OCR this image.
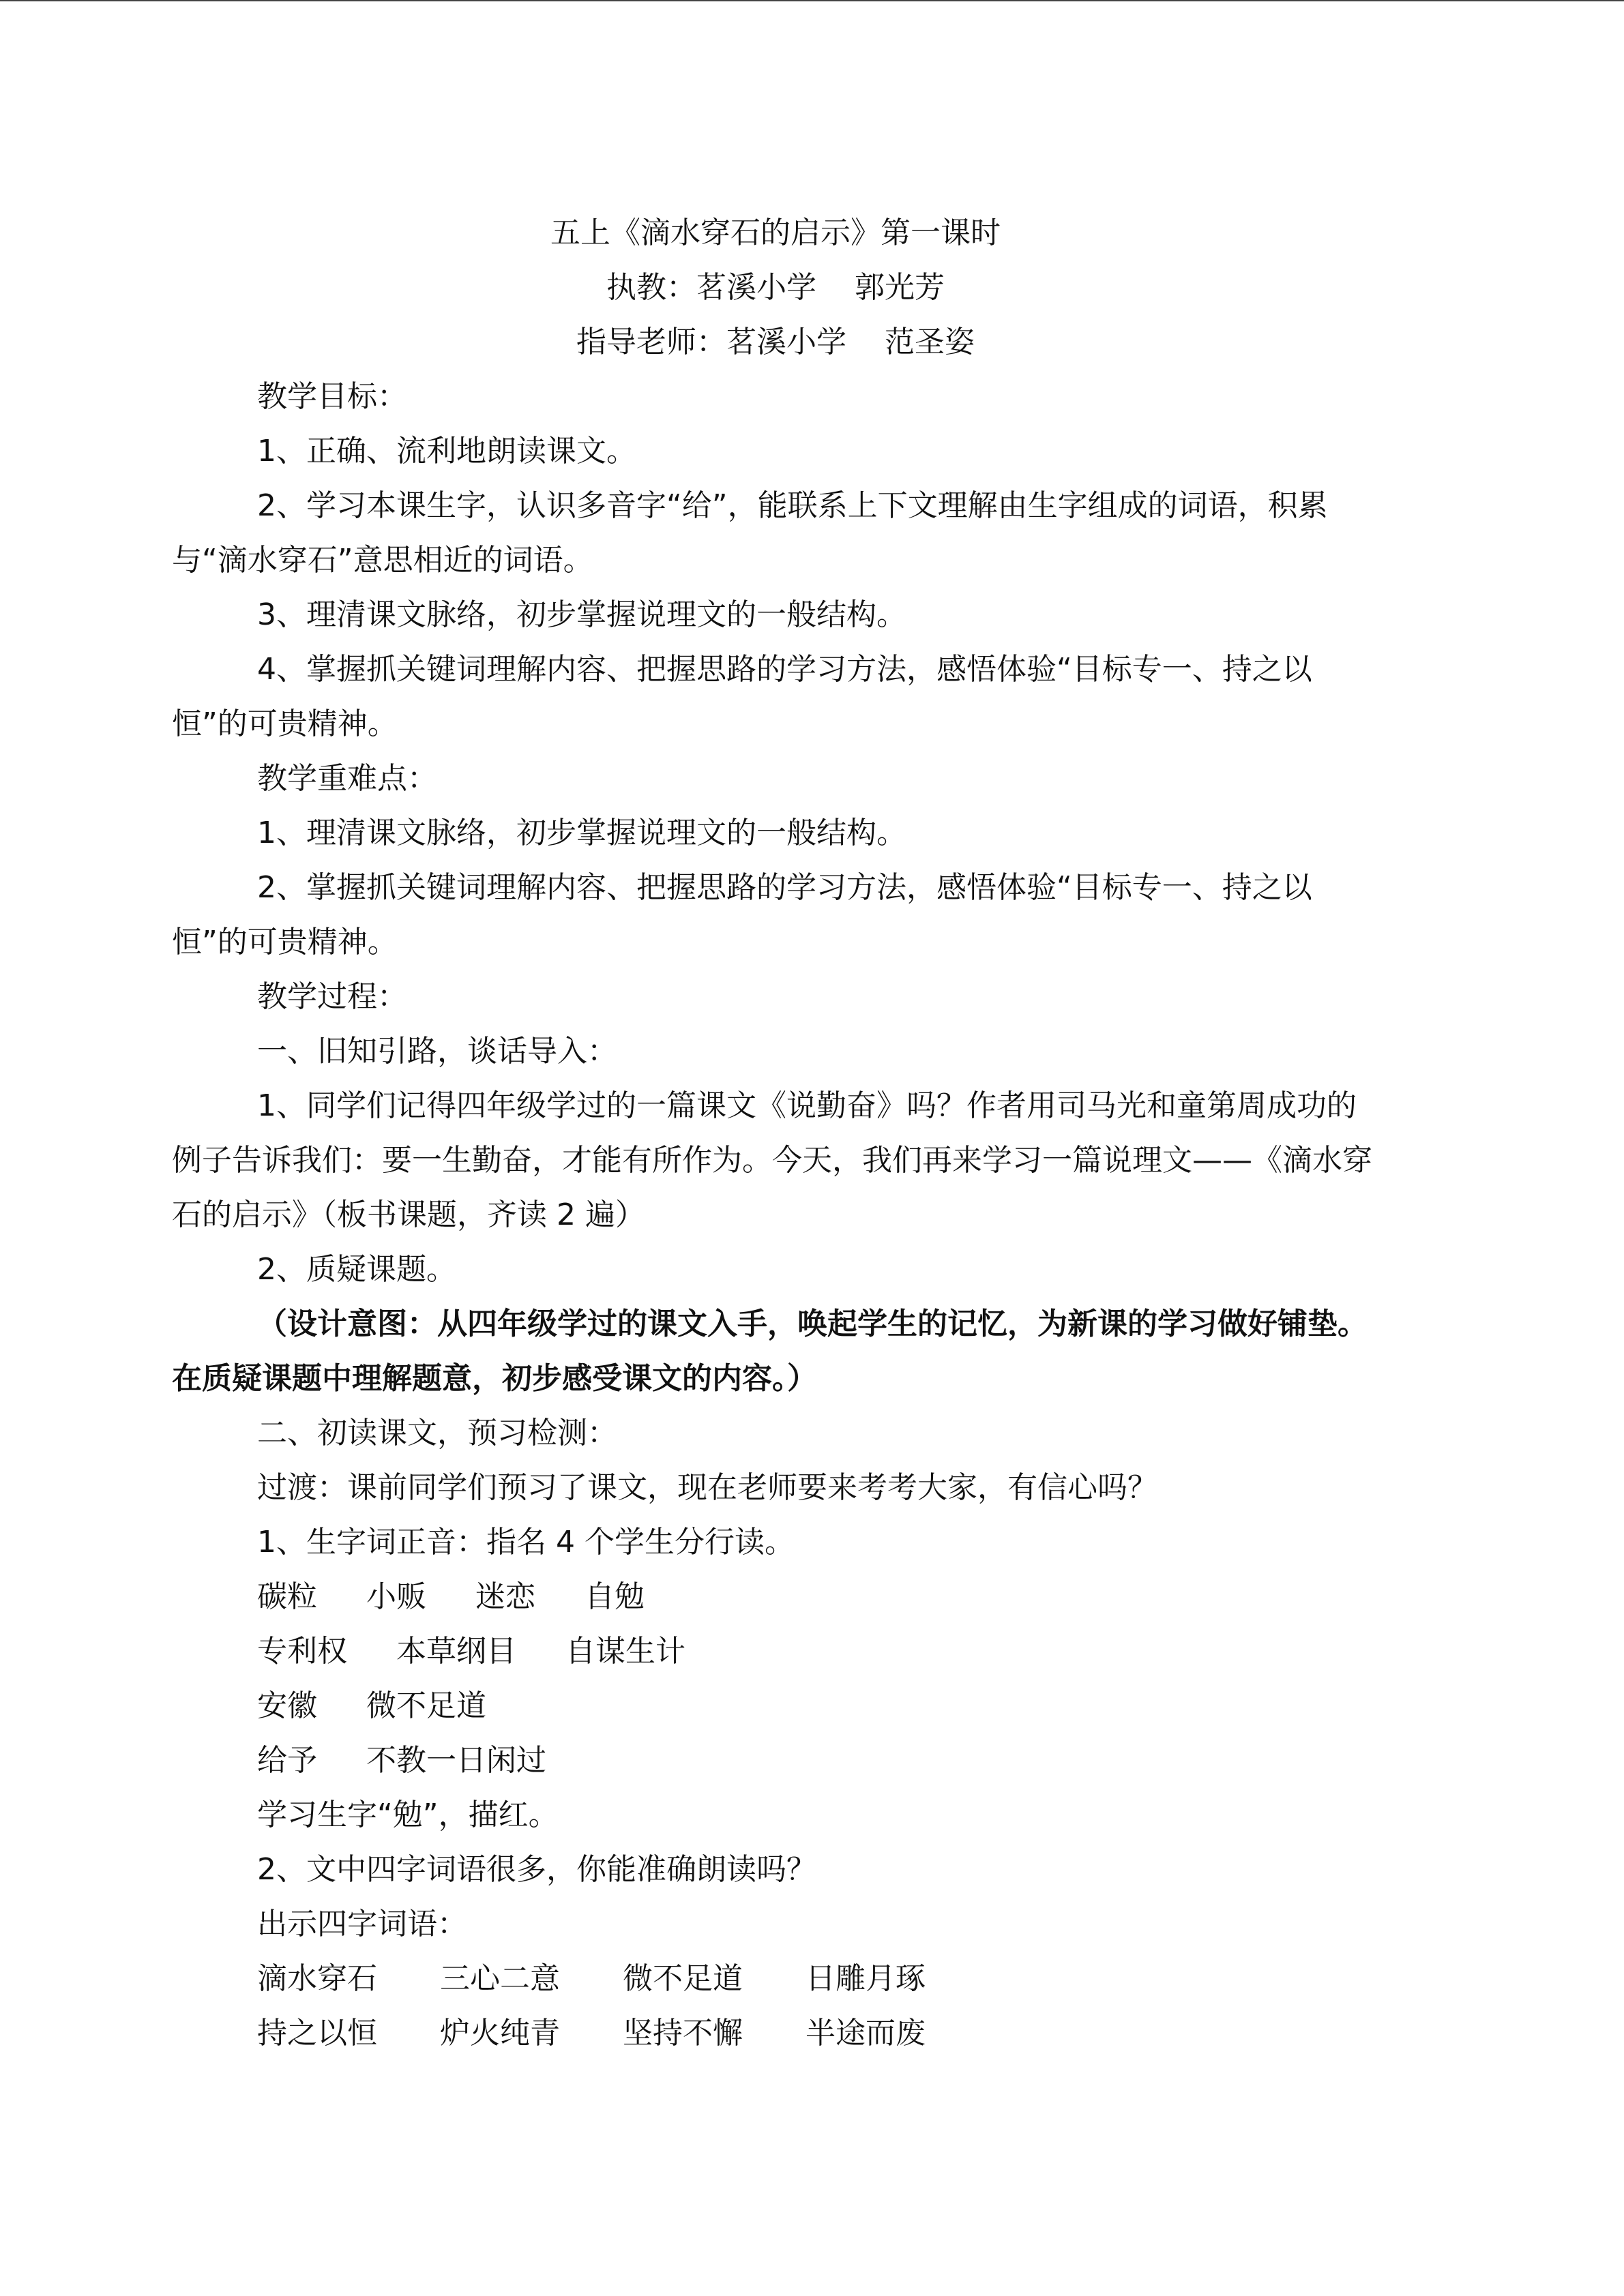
五上《滴水穿石的启示》第一课时
执教：茗溪小学    郭光芳
指导老师：茗溪小学    范圣姿
教学目标：
1、正确、流利地朗读课文。
2、学习本课生字，认识多音字“给”，能联系上下文理解由生字组成的词语，积累与“滴水穿石”意思相近的词语。
3、理清课文脉络，初步掌握说理文的一般结构。
4、掌握抓关键词理解内容、把握思路的学习方法，感悟体验“目标专一、持之以恒”的可贵精神。
教学重难点：
1、理清课文脉络，初步掌握说理文的一般结构。
2、掌握抓关键词理解内容、把握思路的学习方法，感悟体验“目标专一、持之以恒”的可贵精神。
教学过程：
一、旧知引路，谈话导入：
1、同学们记得四年级学过的一篇课文《说勤奋》吗？作者用司马光和童第周成功的例子告诉我们：要一生勤奋，才能有所作为。今天，我们再来学习一篇说理文——《滴水穿石的启示》（板书课题，齐读 2 遍）
2、质疑课题。
（设计意图：从四年级学过的课文入手，唤起学生的记忆，为新课的学习做好铺垫。在质疑课题中理解题意，初步感受课文的内容。）
二、初读课文，预习检测：
过渡：课前同学们预习了课文，现在老师要来考考大家，有信心吗？
1、生字词正音：指名 4 个学生分行读。
碳粒 小贩 迷恋 自勉
专利权 本草纲目 自谋生计
安徽 微不足道
给予 不教一日闲过
学习生字“勉”，描红。
2、文中四字词语很多，你能准确朗读吗？
出示四字词语：
滴水穿石 三心二意 微不足道 日雕月琢
持之以恒 炉火纯青 坚持不懈 半途而废
